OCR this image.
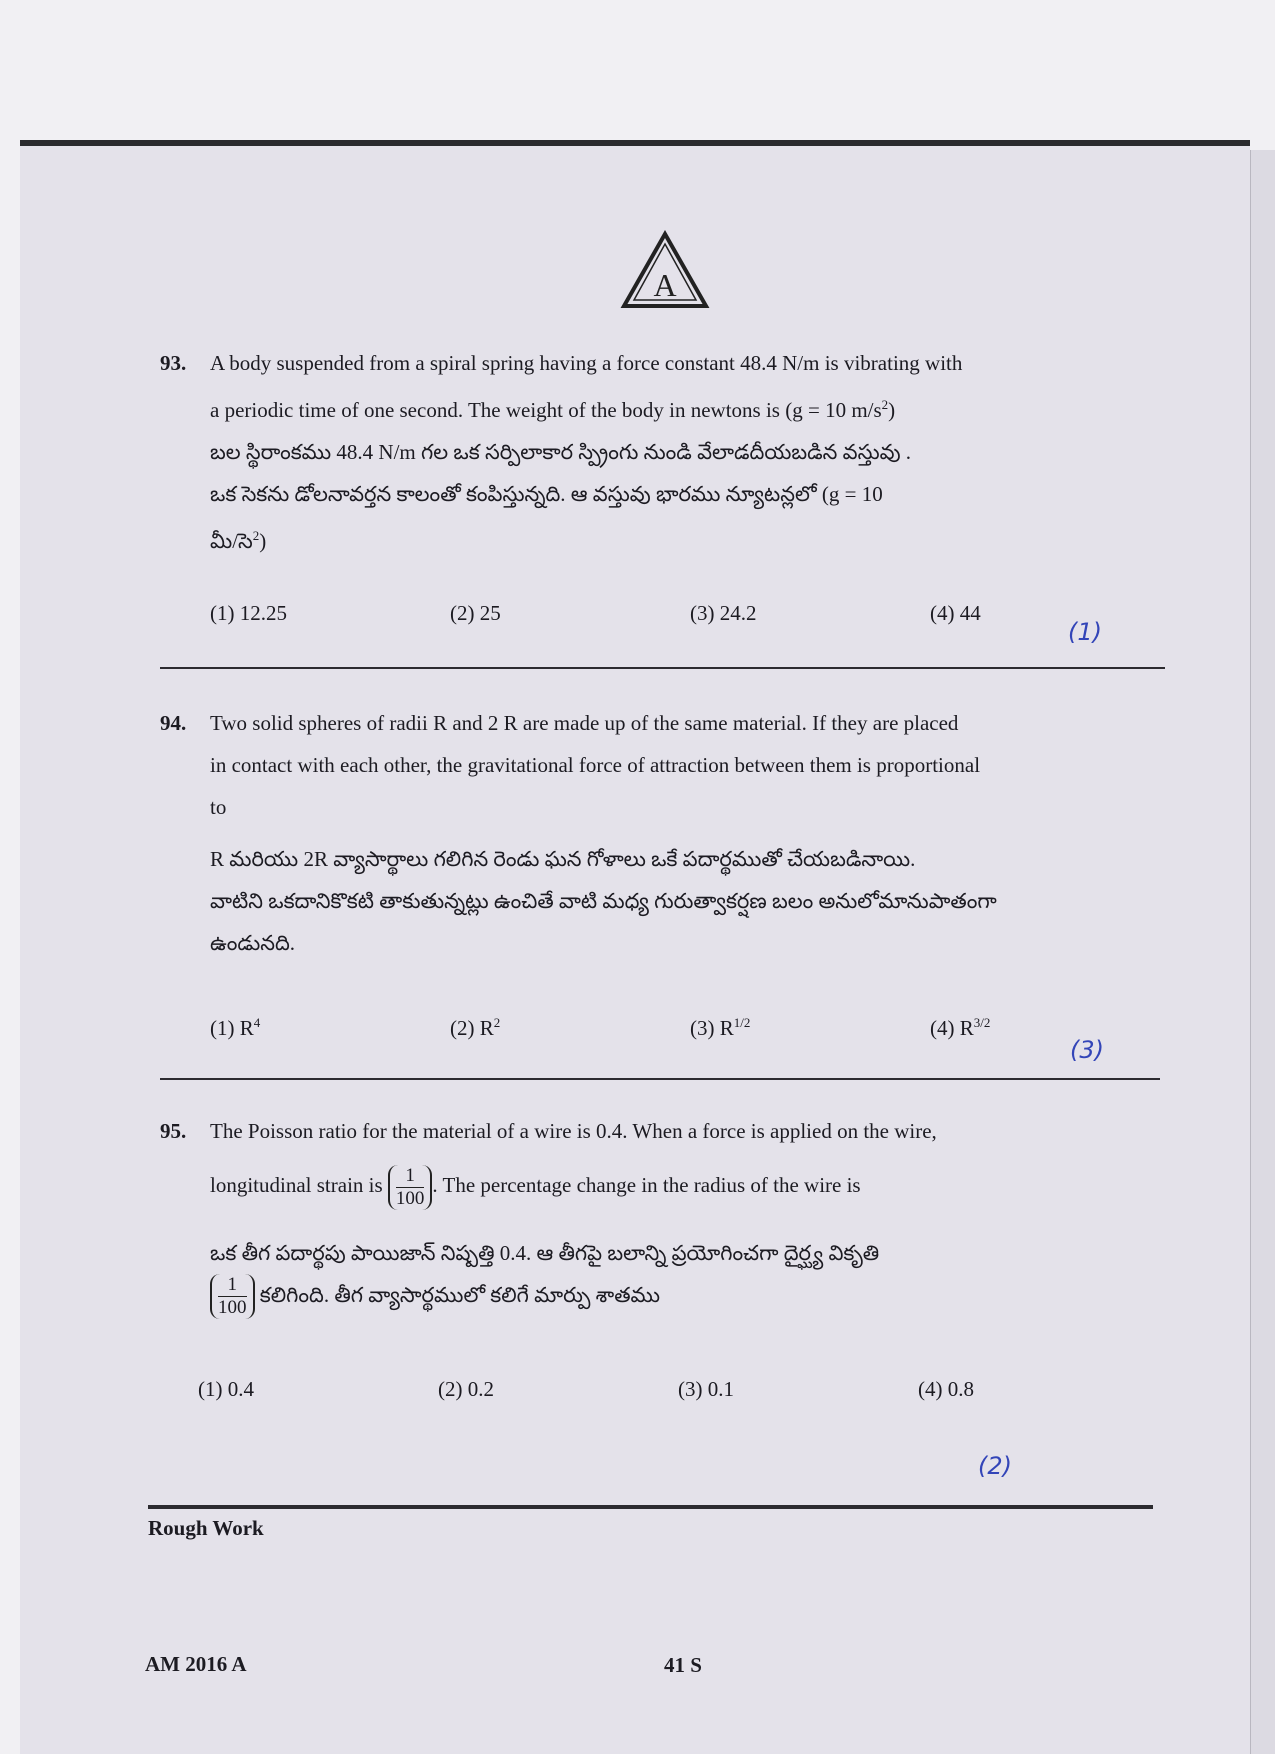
A
93. A body suspended from a spiral spring having a force constant 48.4 N/m is vibrating with
a periodic time of one second. The weight of the body in newtons is (g = 10 $m/s^2$)
బల స్థిరాంకము 48.4 N/m గల ఒక సర్పిలాకార స్ప్రింగు నుండి వేలాడదీయబడిన వస్తువు .
ఒక సెకను డోలనావర్తన కాలంతో కంపిస్తున్నది. ఆ వస్తువు భారము న్యూటన్లలో (g = 10
మీ/సె$^2$)
(1) 12.25	(2) 25	(3) 24.2	(4) 44
(1)
94. Two solid spheres of radii R and 2 R are made up of the same material. If they are placed
in contact with each other, the gravitational force of attraction between them is proportional
to
R మరియు 2R వ్యాసార్థాలు గలిగిన రెండు ఘన గోళాలు ఒకే పదార్థముతో చేయబడినాయి.
వాటిని ఒకదానికొకటి తాకుతున్నట్లు ఉంచితే వాటి మధ్య గురుత్వాకర్షణ బలం అనులోమానుపాతంగా
ఉండునది.
(1) $R^4$	(2) $R^2$	(3) $R^{1/2}$	(4) $R^{3/2}$
(3)
95. The Poisson ratio for the material of a wire is 0.4. When a force is applied on the wire,
longitudinal strain is $\frac{1}{100}$ . The percentage change in the radius of the wire is
ఒక తీగ పదార్థపు పాయిజాన్ నిష్పత్తి 0.4. ఆ తీగపై బలాన్ని ప్రయోగించగా దైర్ఘ్య వికృతి
$\frac{1}{100}$ కలిగింది. తీగ వ్యాసార్థములో కలిగే మార్పు శాతము
(1) 0.4	(2) 0.2	(3) 0.1	(4) 0.8
(2)
Rough Work
AM 2016 A	41 S
